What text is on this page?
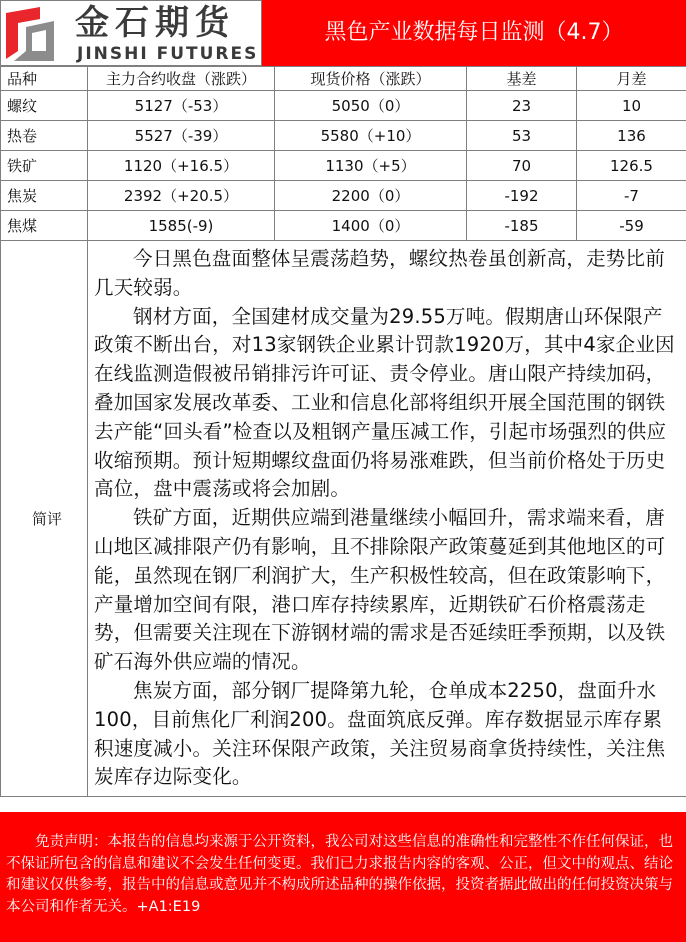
金石期货
JINSHI FUTURES
黑色产业数据每日监测（4.7）
品种	主力合约收盘（涨跌）	现货价格（涨跌）	基差	月差
螺纹	5127（-53）	5050（0）	23	10
热卷	5527（-39）	5580（+10）	53	136
铁矿	1120（+16.5）	1130（+5）	70	126.5
焦炭	2392（+20.5）	2200（0）	-192	-7
焦煤	1585(-9)	1400（0）	-185	-59
简评	今日黑色盘面整体呈震荡趋势，螺纹热卷虽创新高，走势比前几天较弱。

钢材方面，全国建材成交量为29.55万吨。假期唐山环保限产政策不断出台，对13家钢铁企业累计罚款1920万，其中4家企业因在线监测造假被吊销排污许可证、责令停业。唐山限产持续加码，叠加国家发展改革委、工业和信息化部将组织开展全国范围的钢铁去产能“回头看”检查以及粗钢产量压减工作，引起市场强烈的供应收缩预期。预计短期螺纹盘面仍将易涨难跌，但当前价格处于历史高位，盘中震荡或将会加剧。

铁矿方面，近期供应端到港量继续小幅回升，需求端来看，唐山地区减排限产仍有影响，且不排除限产政策蔓延到其他地区的可能，虽然现在钢厂利润扩大，生产积极性较高，但在政策影响下，产量增加空间有限，港口库存持续累库，近期铁矿石价格震荡走势，但需要关注现在下游钢材端的需求是否延续旺季预期，以及铁矿石海外供应端的情况。

焦炭方面，部分钢厂提降第九轮，仓单成本2250，盘面升水100，目前焦化厂利润200。盘面筑底反弹。库存数据显示库存累积速度减小。关注环保限产政策，关注贸易商拿货持续性，关注焦炭库存边际变化。			

免责声明：本报告的信息均来源于公开资料，我公司对这些信息的准确性和完整性不作任何保证，也不保证所包含的信息和建议不会发生任何变更。我们已力求报告内容的客观、公正，但文中的观点、结论和建议仅供参考，报告中的信息或意见并不构成所述品种的操作依据，投资者据此做出的任何投资决策与本公司和作者无关。+A1:E19
